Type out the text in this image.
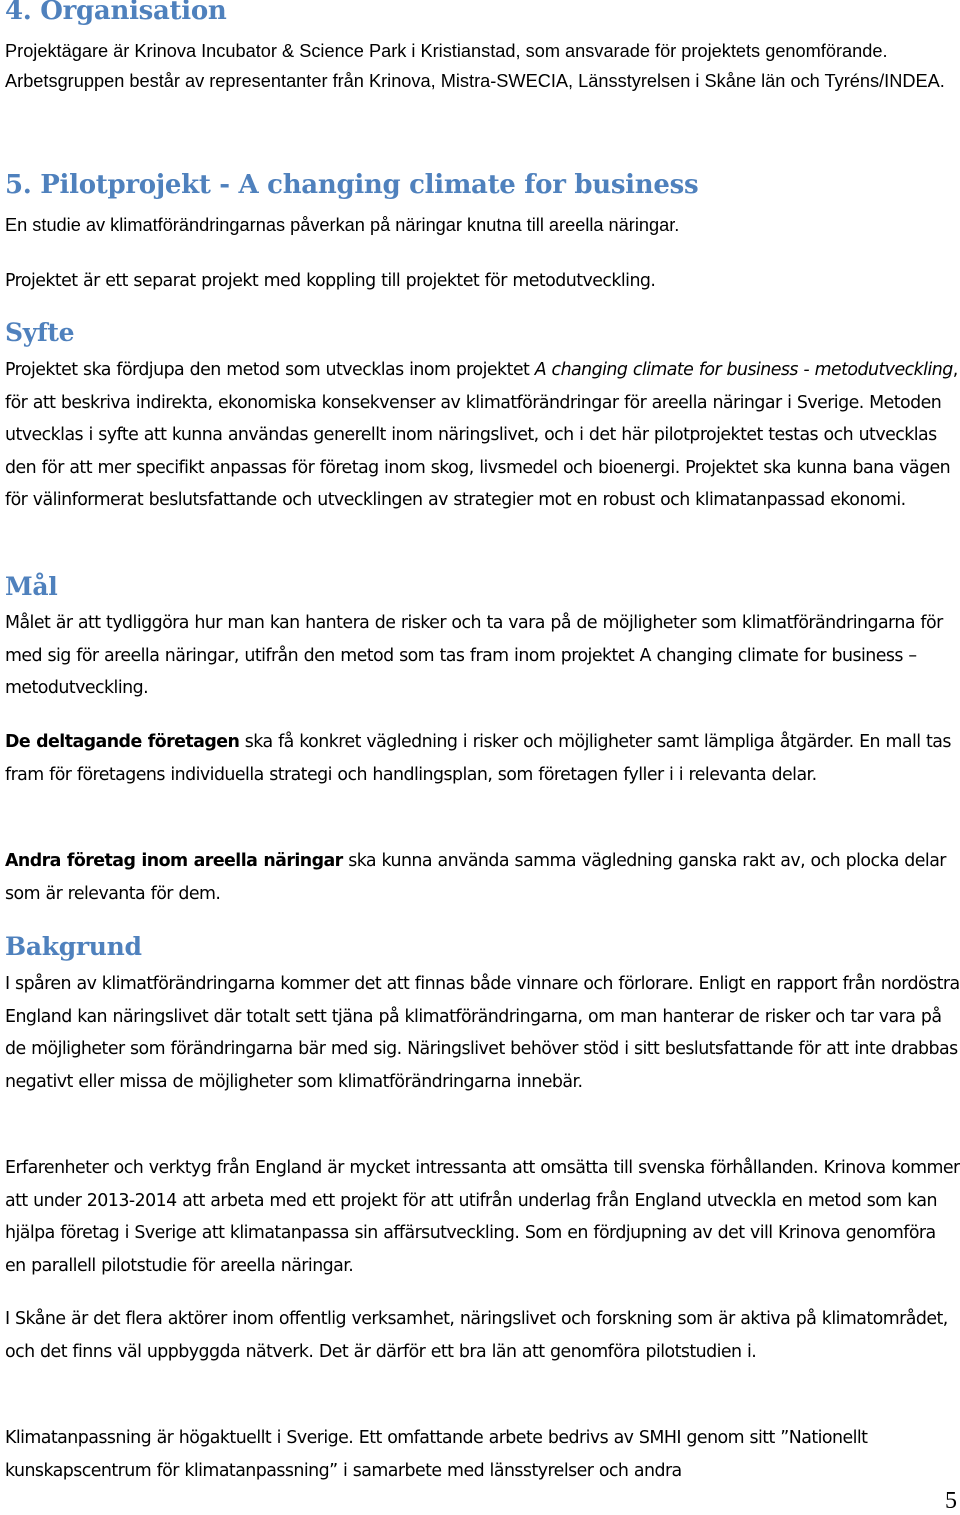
4. Organisation

Projektägare är Krinova Incubator & Science Park i Kristianstad, som ansvarade för projektets genomförande. Arbetsgruppen består av representanter från Krinova, Mistra-SWECIA, Länsstyrelsen i Skåne län och Tyréns/INDEA.

5. Pilotprojekt - A changing climate for business

En studie av klimatförändringarnas påverkan på näringar knutna till areella näringar.

Projektet är ett separat projekt med koppling till projektet för metodutveckling.

Syfte

Projektet ska fördjupa den metod som utvecklas inom projektet A changing climate for business - metodutveckling, för att beskriva indirekta, ekonomiska konsekvenser av klimatförändringar för areella näringar i Sverige. Metoden utvecklas i syfte att kunna användas generellt inom näringslivet, och i det här pilotprojektet testas och utvecklas den för att mer specifikt anpassas för företag inom skog, livsmedel och bioenergi. Projektet ska kunna bana vägen för välinformerat beslutsfattande och utvecklingen av strategier mot en robust och klimatanpassad ekonomi.

Mål

Målet är att tydliggöra hur man kan hantera de risker och ta vara på de möjligheter som klimatförändringarna för med sig för areella näringar, utifrån den metod som tas fram inom projektet A changing climate for business – metodutveckling.

De deltagande företagen ska få konkret vägledning i risker och möjligheter samt lämpliga åtgärder. En mall tas fram för företagens individuella strategi och handlingsplan, som företagen fyller i i relevanta delar.

Andra företag inom areella näringar ska kunna använda samma vägledning ganska rakt av, och plocka delar som är relevanta för dem.

Bakgrund

I spåren av klimatförändringarna kommer det att finnas både vinnare och förlorare. Enligt en rapport från nordöstra England kan näringslivet där totalt sett tjäna på klimatförändringarna, om man hanterar de risker och tar vara på de möjligheter som förändringarna bär med sig. Näringslivet behöver stöd i sitt beslutsfattande för att inte drabbas negativt eller missa de möjligheter som klimatförändringarna innebär.

Erfarenheter och verktyg från England är mycket intressanta att omsätta till svenska förhållanden. Krinova kommer att under 2013-2014 att arbeta med ett projekt för att utifrån underlag från England utveckla en metod som kan hjälpa företag i Sverige att klimatanpassa sin affärsutveckling. Som en fördjupning av det vill Krinova genomföra en parallell pilotstudie för areella näringar.

I Skåne är det flera aktörer inom offentlig verksamhet, näringslivet och forskning som är aktiva på klimatområdet, och det finns väl uppbyggda nätverk. Det är därför ett bra län att genomföra pilotstudien i.

Klimatanpassning är högaktuellt i Sverige. Ett omfattande arbete bedrivs av SMHI genom sitt ”Nationellt kunskapscentrum för klimatanpassning” i samarbete med länsstyrelser och andra

5
